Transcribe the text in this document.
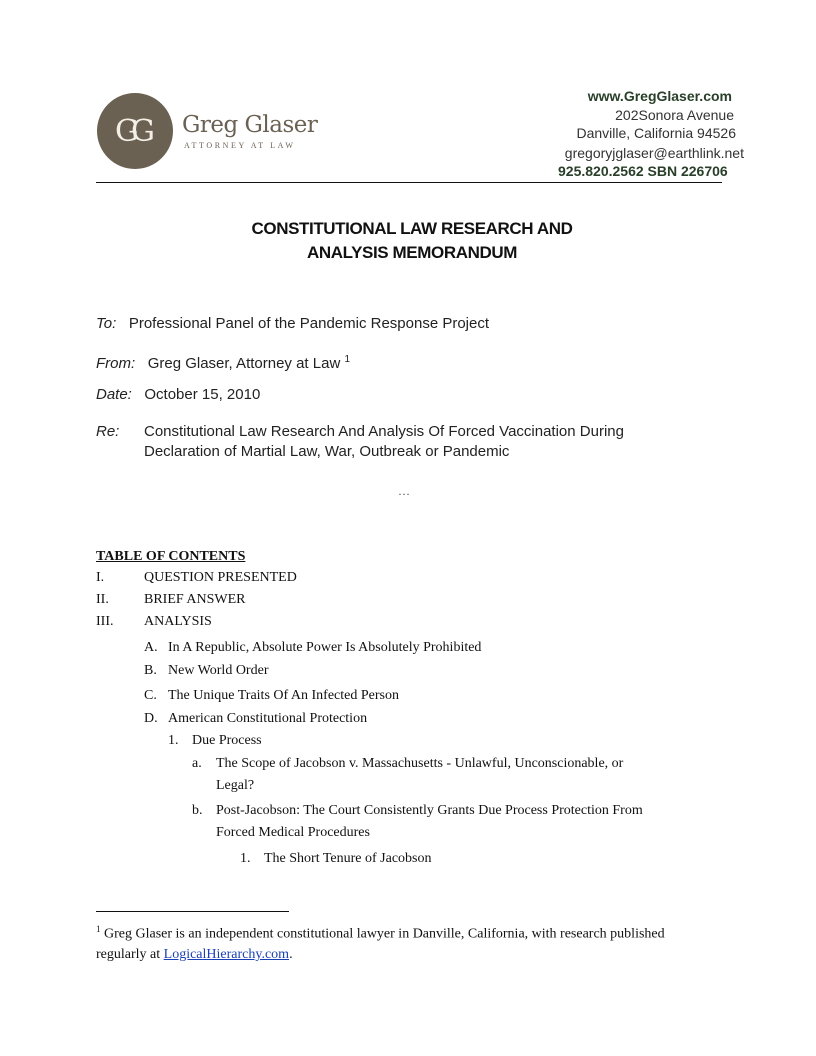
GG	Greg Glaser
ATTORNEY AT LAW
www.GregGlaser.com
202Sonora Avenue
Danville, California 94526
gregoryjglaser@earthlink.net
925.820.2562 SBN 226706
CONSTITUTIONAL LAW RESEARCH AND
ANALYSIS MEMORANDUM
To: Professional Panel of the Pandemic Response Project
From: Greg Glaser, Attorney at Law $^1$
Date: October 15, 2010
Re: Constitutional Law Research And Analysis Of Forced Vaccination During
Declaration of Martial Law, War, Outbreak or Pandemic
…
TABLE OF CONTENTS
I.	QUESTION PRESENTED
II.	BRIEF ANSWER
III. ANALYSIS
A. In A Republic, Absolute Power Is Absolutely Prohibited
B. New World Order
C. The Unique Traits Of An Infected Person
D. American Constitutional Protection
1. Due Process
a. The Scope of Jacobson v. Massachusetts - Unlawful, Unconscionable, or
Legal?
b. Post-Jacobson: The Court Consistently Grants Due Process Protection From
Forced Medical Procedures
1. The Short Tenure of Jacobson
$^1$ Greg Glaser is an independent constitutional lawyer in Danville, California, with research published regularly at LogicalHierarchy.com.
